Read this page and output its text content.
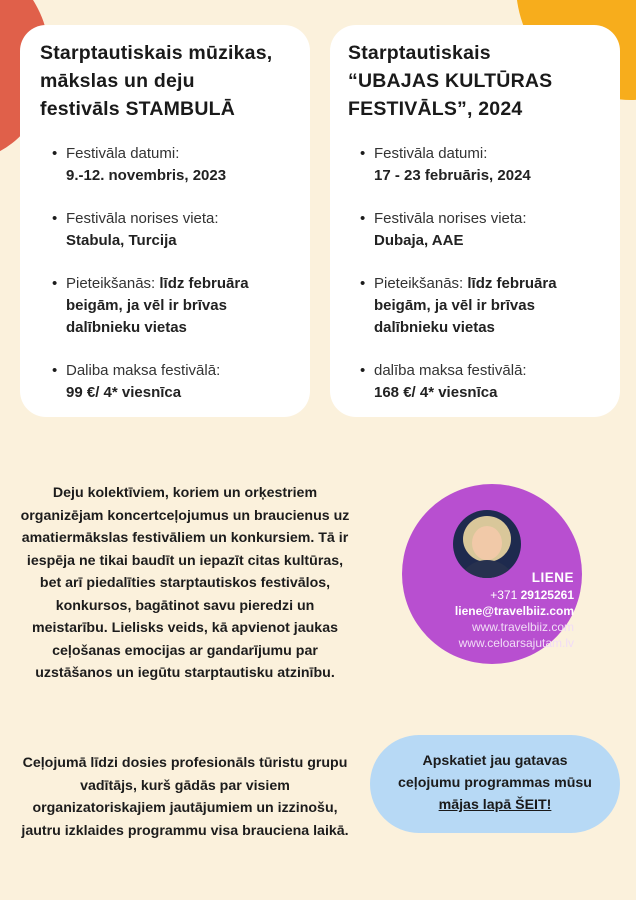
Starptautiskais mūzikas,
mākslas un deju
festivāls STAMBULĀ
• Festivāla datumi:
9.-12. novembris, 2023
• Festivāla norises vieta:
Stabula, Turcija
• Pieteikšanās: līdz februāra beigām, ja vēl ir brīvas dalībnieku vietas
• Daliba maksa festivālā:
99 €/ 4* viesnīca
Starptautiskais
“UBAJAS KULTŪRAS
FESTIVĀLS”, 2024
• Festivāla datumi:
17 - 23 februāris, 2024
• Festivāla norises vieta:
Dubaja, AAE
• Pieteikšanās: līdz februāra beigām, ja vēl ir brīvas dalībnieku vietas
• dalība maksa festivālā:
168 €/ 4* viesnīca

Deju kolektīviem, koriem un orķestriem organizējam koncertceļojumus un braucienus uz amatiermākslas festivāliem un konkursiem. Tā ir iespēja ne tikai baudīt un iepazīt citas kultūras, bet arī piedalīties starptautiskos festivālos, konkursos, bagātinot savu pieredzi un meistarību. Lielisks veids, kā apvienot jaukas ceļošanas emocijas ar gandarījumu par uzstāšanos un iegūtu starptautisku atzinību.

Ceļojumā līdzi dosies profesionāls tūristu grupu vadītājs, kurš gādās par visiem organizatoriskajiem jautājumiem un izzinošu, jautru izklaides programmu visa brauciena laikā.

LIENE
+371 29125261
liene@travelbiiz.com
www.travelbiiz.com
www.celoarsajutam.lv
Apskatiet jau gatavas
ceļojumu programmas mūsu
mājas lapā ŠEIT!
